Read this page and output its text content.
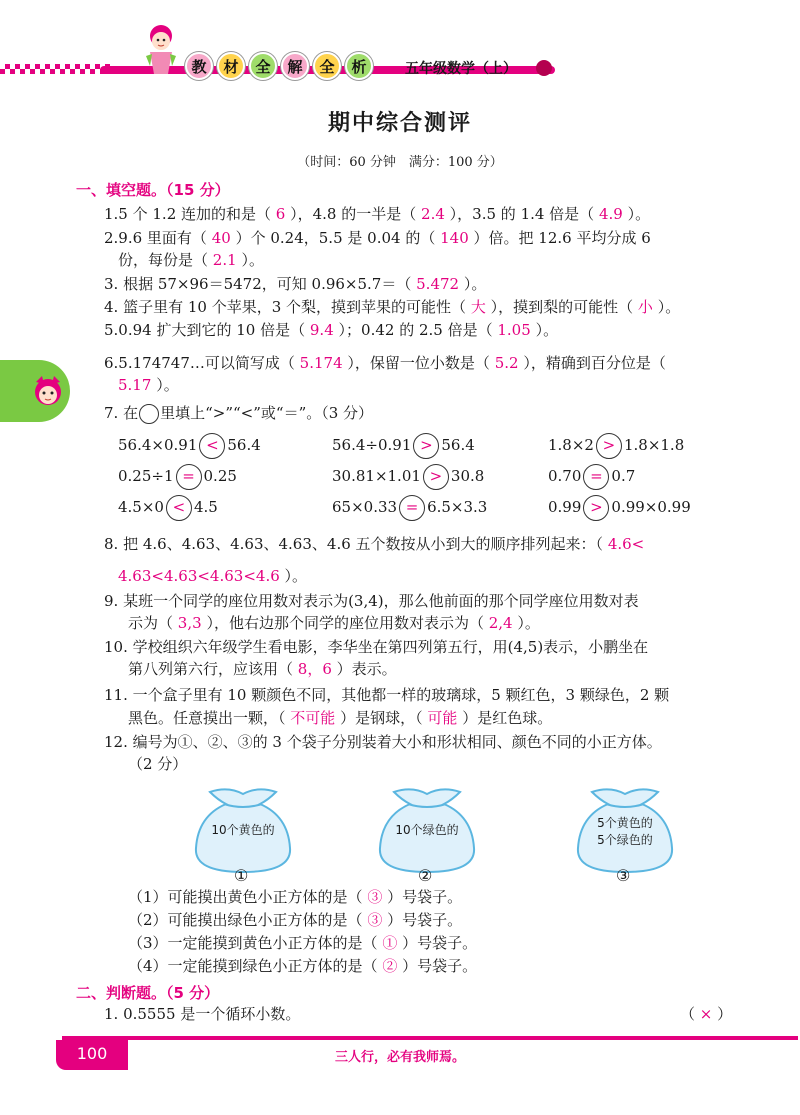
教	材	全	解	全	析	五年级数学（上）
期中综合测评
（时间：60 分钟　满分：100 分）
一、填空题。（15 分）
1.5 个 1.2 连加的和是（ 6 ），4.8 的一半是（ 2.4 ），3.5 的 1.4 倍是（ 4.9 ）。
2.9.6 里面有（ 40 ）个 0.24，5.5 是 0.04 的（ 140 ）倍。把 12.6 平均分成 6
份，每份是（ 2.1 ）。
3. 根据 57×96＝5472，可知 0.96×5.7＝（ 5.472 ）。
4. 篮子里有 10 个苹果，3 个梨，摸到苹果的可能性（ 大 ），摸到梨的可能性（ 小 ）。
5.0.94 扩大到它的 10 倍是（ 9.4 ）；0.42 的 2.5 倍是（ 1.05 ）。
6.5.174747…可以简写成（ 5.174 ），保留一位小数是（ 5.2 ），精确到百分位是（
5.17 ）。
7. 在 里填上“>”“<”或“＝”。（3 分）
56.4×0.91 < 56.4	56.4÷0.91 > 56.4	1.8×2 > 1.8×1.8
0.25÷1 = 0.25	30.81×1.01 > 30.8	0.70 = 0.7
4.5×0 < 4.5	65×0.33 = 6.5×3.3	0.99 > 0.99×0.99
8. 把 4.6、4.63、4.63、4.63、4.6 五个数按从小到大的顺序排列起来：（ 4.6<
4.63<4.63<4.63<4.6 ）。
9. 某班一个同学的座位用数对表示为(3,4)，那么他前面的那个同学座位用数对表
示为（ 3,3 ），他右边那个同学的座位用数对表示为（ 2,4 ）。
10. 学校组织六年级学生看电影，李华坐在第四列第五行，用(4,5)表示，小鹏坐在
第八列第六行，应该用（ 8，6 ）表示。
11. 一个盒子里有 10 颗颜色不同，其他都一样的玻璃球，5 颗红色，3 颗绿色，2 颗
黑色。任意摸出一颗，（ 不可能 ）是钢球，（ 可能 ）是红色球。
12. 编号为①、②、③的 3 个袋子分别装着大小和形状相同、颜色不同的小正方体。
（2 分）
10个黄色的
①
10个绿色的
②
5个黄色的
5个绿色的
③
（1）可能摸出黄色小正方体的是（ ③ ）号袋子。
（2）可能摸出绿色小正方体的是（ ③ ）号袋子。
（3）一定能摸到黄色小正方体的是（ ① ）号袋子。
（4）一定能摸到绿色小正方体的是（ ② ）号袋子。
二、判断题。（5 分）
1. 0.5555 是一个循环小数。	（ × ）
100	三人行，必有我师焉。
